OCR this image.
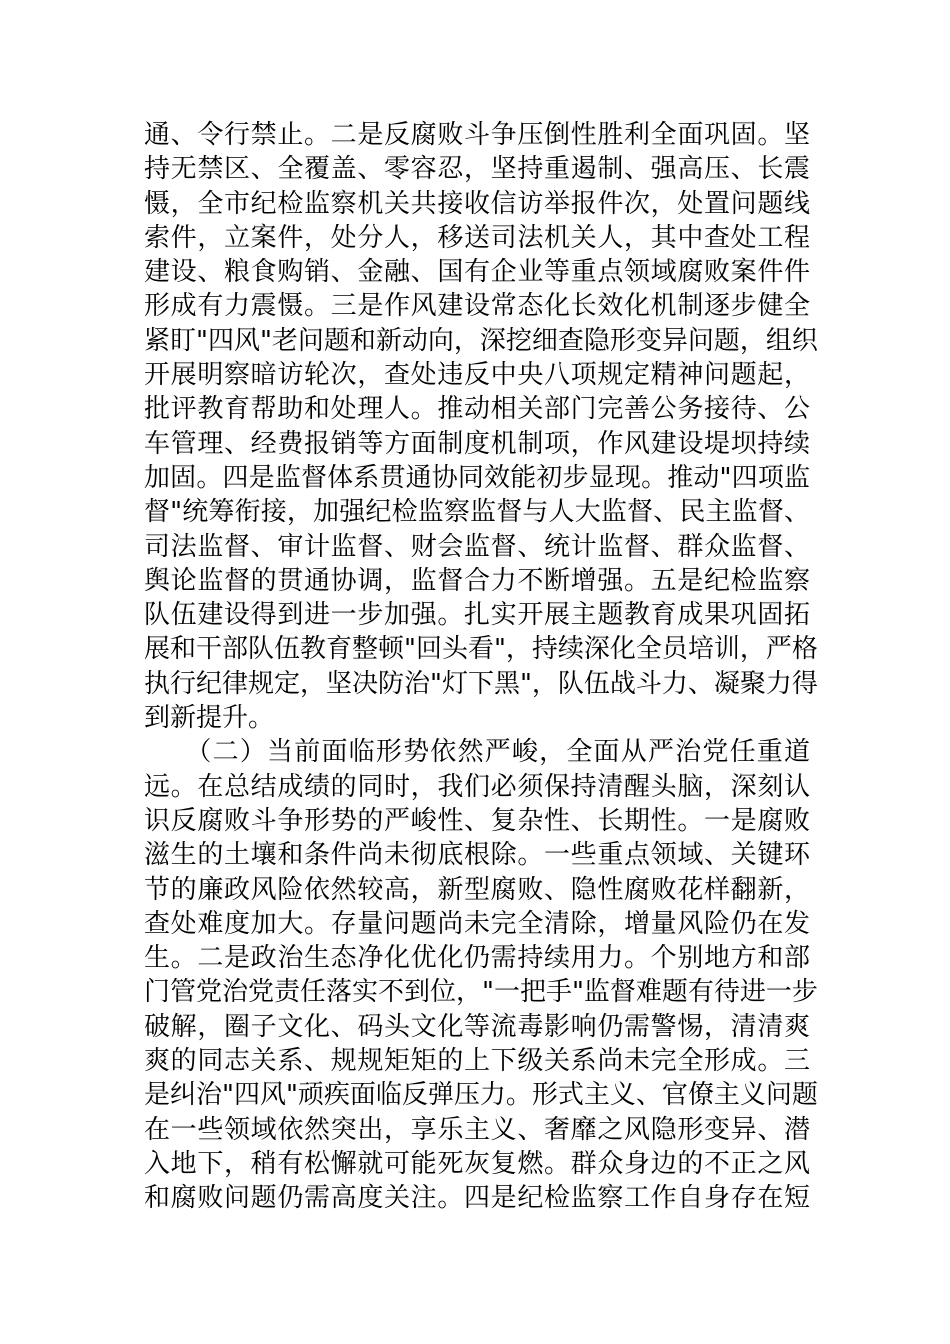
通、令行禁止。二是反腐败斗争压倒性胜利全面巩固。坚
持无禁区、全覆盖、零容忍，坚持重遏制、强高压、长震
慑，全市纪检监察机关共接收信访举报件次，处置问题线
索件，立案件，处分人，移送司法机关人，其中查处工程
建设、粮食购销、金融、国有企业等重点领域腐败案件件
形成有力震慑。三是作风建设常态化长效化机制逐步健全
紧盯"四风"老问题和新动向，深挖细查隐形变异问题，组织
开展明察暗访轮次，查处违反中央八项规定精神问题起，
批评教育帮助和处理人。推动相关部门完善公务接待、公
车管理、经费报销等方面制度机制项，作风建设堤坝持续
加固。四是监督体系贯通协同效能初步显现。推动"四项监
督"统筹衔接，加强纪检监察监督与人大监督、民主监督、
司法监督、审计监督、财会监督、统计监督、群众监督、
舆论监督的贯通协调，监督合力不断增强。五是纪检监察
队伍建设得到进一步加强。扎实开展主题教育成果巩固拓
展和干部队伍教育整顿"回头看"，持续深化全员培训，严格
执行纪律规定，坚决防治"灯下黑"，队伍战斗力、凝聚力得
到新提升。
　　（二）当前面临形势依然严峻，全面从严治党任重道
远。在总结成绩的同时，我们必须保持清醒头脑，深刻认
识反腐败斗争形势的严峻性、复杂性、长期性。一是腐败
滋生的土壤和条件尚未彻底根除。一些重点领域、关键环
节的廉政风险依然较高，新型腐败、隐性腐败花样翻新，
查处难度加大。存量问题尚未完全清除，增量风险仍在发
生。二是政治生态净化优化仍需持续用力。个别地方和部
门管党治党责任落实不到位，"一把手"监督难题有待进一步
破解，圈子文化、码头文化等流毒影响仍需警惕，清清爽
爽的同志关系、规规矩矩的上下级关系尚未完全形成。三
是纠治"四风"顽疾面临反弹压力。形式主义、官僚主义问题
在一些领域依然突出，享乐主义、奢靡之风隐形变异、潜
入地下，稍有松懈就可能死灰复燃。群众身边的不正之风
和腐败问题仍需高度关注。四是纪检监察工作自身存在短
